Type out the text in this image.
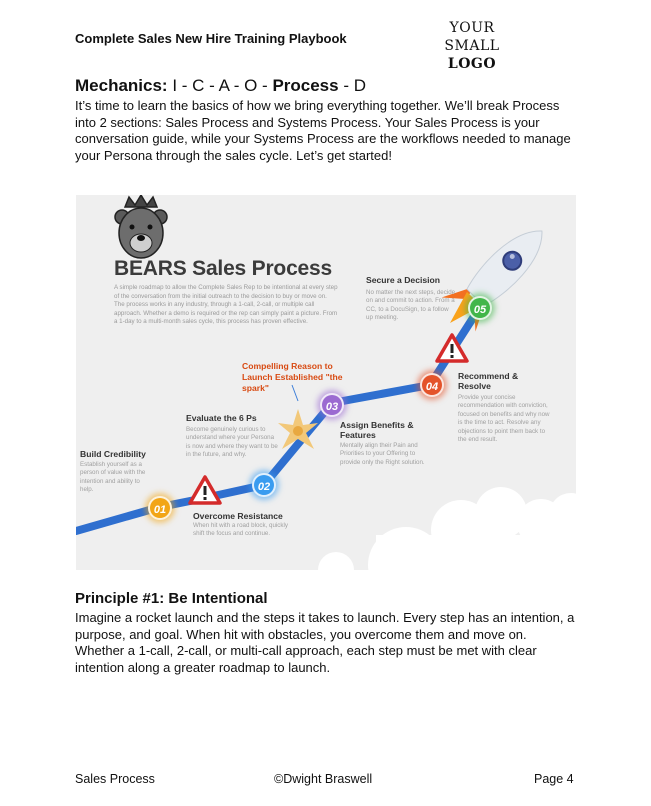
Complete Sales New Hire Training Playbook
YOUR SMALL
LOGO
Mechanics: I - C - A - O - Process - D

It’s time to learn the basics of how we bring everything together. We’ll break Process into 2 sections: Sales Process and Systems Process. Your Sales Process is your conversation guide, while your Systems Process are the workflows needed to manage your Persona through the sales cycle. Let’s get started!

BEARS Sales Process

A simple roadmap to allow the Complete Sales Rep to be intentional at every step of the conversation from the initial outreach to the decision to buy or move on. The process works in any industry, through a 1-call, 2-call, or multiple call approach. Whether a demo is required or the rep can simply paint a picture. From a 1-day to a multi-month sales cycle, this process has proven effective.

Secure a Decision
No matter the next steps, decide on and commit to action. From a CC, to a DocuSign, to a follow up meeting.
05
Recommend & Resolve
Provide your concise recommendation with conviction, focused on benefits and why now is the time to act. Resolve any objections to point them back to the end result.
04
Assign Benefits & Features
Mentally align their Pain and Priorities to your Offering to provide only the Right solution.
03
Compelling Reason to Launch Established "the spark"
Evaluate the 6 Ps
Become genuinely curious to understand where your Persona is now and where they want to be in the future, and why.
02
Build Credibility
Establish yourself as a person of value with the intention and ability to help.
01	Overcome Resistance
When hit with a road block, quickly shift the focus and continue.
Principle #1: Be Intentional

Imagine a rocket launch and the steps it takes to launch. Every step has an intention, a purpose, and goal. When hit with obstacles, you overcome them and move on. Whether a 1-call, 2-call, or multi-call approach, each step must be met with clear intention along a greater roadmap to launch.

Sales Process	©Dwight Braswell	Page 4
